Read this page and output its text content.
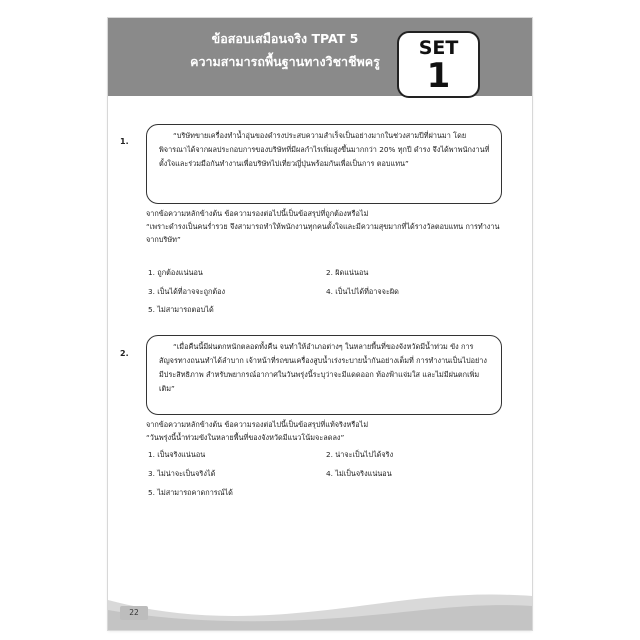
ข้อสอบเสมือนจริง TPAT 5
ความสามารถพื้นฐานทางวิชาชีพครู
SET
1
1.

“บริษัทขายเครื่องทำน้ำอุ่นของดำรงประสบความสำเร็จเป็นอย่างมากในช่วงสามปีที่ผ่านมา โดยพิจารณาได้จากผลประกอบการของบริษัทที่มีผลกำไรเพิ่มสูงขึ้นมากกว่า 20% ทุกปี ดำรง จึงได้พาพนักงานที่ตั้งใจและร่วมมือกันทำงานเพื่อบริษัทไปเที่ยวญี่ปุ่นพร้อมกันเพื่อเป็นการ ตอบแทน”

จากข้อความหลักข้างต้น ข้อความรองต่อไปนี้เป็นข้อสรุปที่ถูกต้องหรือไม่
“เพราะดำรงเป็นคนร่ำรวย จึงสามารถทำให้พนักงานทุกคนตั้งใจและมีความสุขมากที่ได้รางวัลตอบแทน การทำงานจากบริษัท”
1. ถูกต้องแน่นอน	2. ผิดแน่นอน
3. เป็นได้ที่อาจจะถูกต้อง	4. เป็นไปได้ที่อาจจะผิด
5. ไม่สามารถตอบได้
2.

“เมื่อคืนนี้มีฝนตกหนักตลอดทั้งคืน จนทำให้อำเภอต่างๆ ในหลายพื้นที่ของจังหวัดมีน้ำท่วม ขัง การสัญจรทางถนนทำได้ลำบาก เจ้าหน้าที่รถขนเครื่องสูบน้ำเร่งระบายน้ำกันอย่างเต็มที่ การทำงานเป็นไปอย่างมีประสิทธิภาพ สำหรับพยากรณ์อากาศในวันพรุ่งนี้ระบุว่าจะมีแดดออก ท้องฟ้าแจ่มใส และไม่มีฝนตกเพิ่มเติม”

จากข้อความหลักข้างต้น ข้อความรองต่อไปนี้เป็นข้อสรุปที่แท้จริงหรือไม่
“วันพรุ่งนี้น้ำท่วมขังในหลายพื้นที่ของจังหวัดมีแนวโน้มจะลดลง”
1. เป็นจริงแน่นอน	2. น่าจะเป็นไปได้จริง
3. ไม่น่าจะเป็นจริงได้	4. ไม่เป็นจริงแน่นอน
5. ไม่สามารถคาดการณ์ได้
22
